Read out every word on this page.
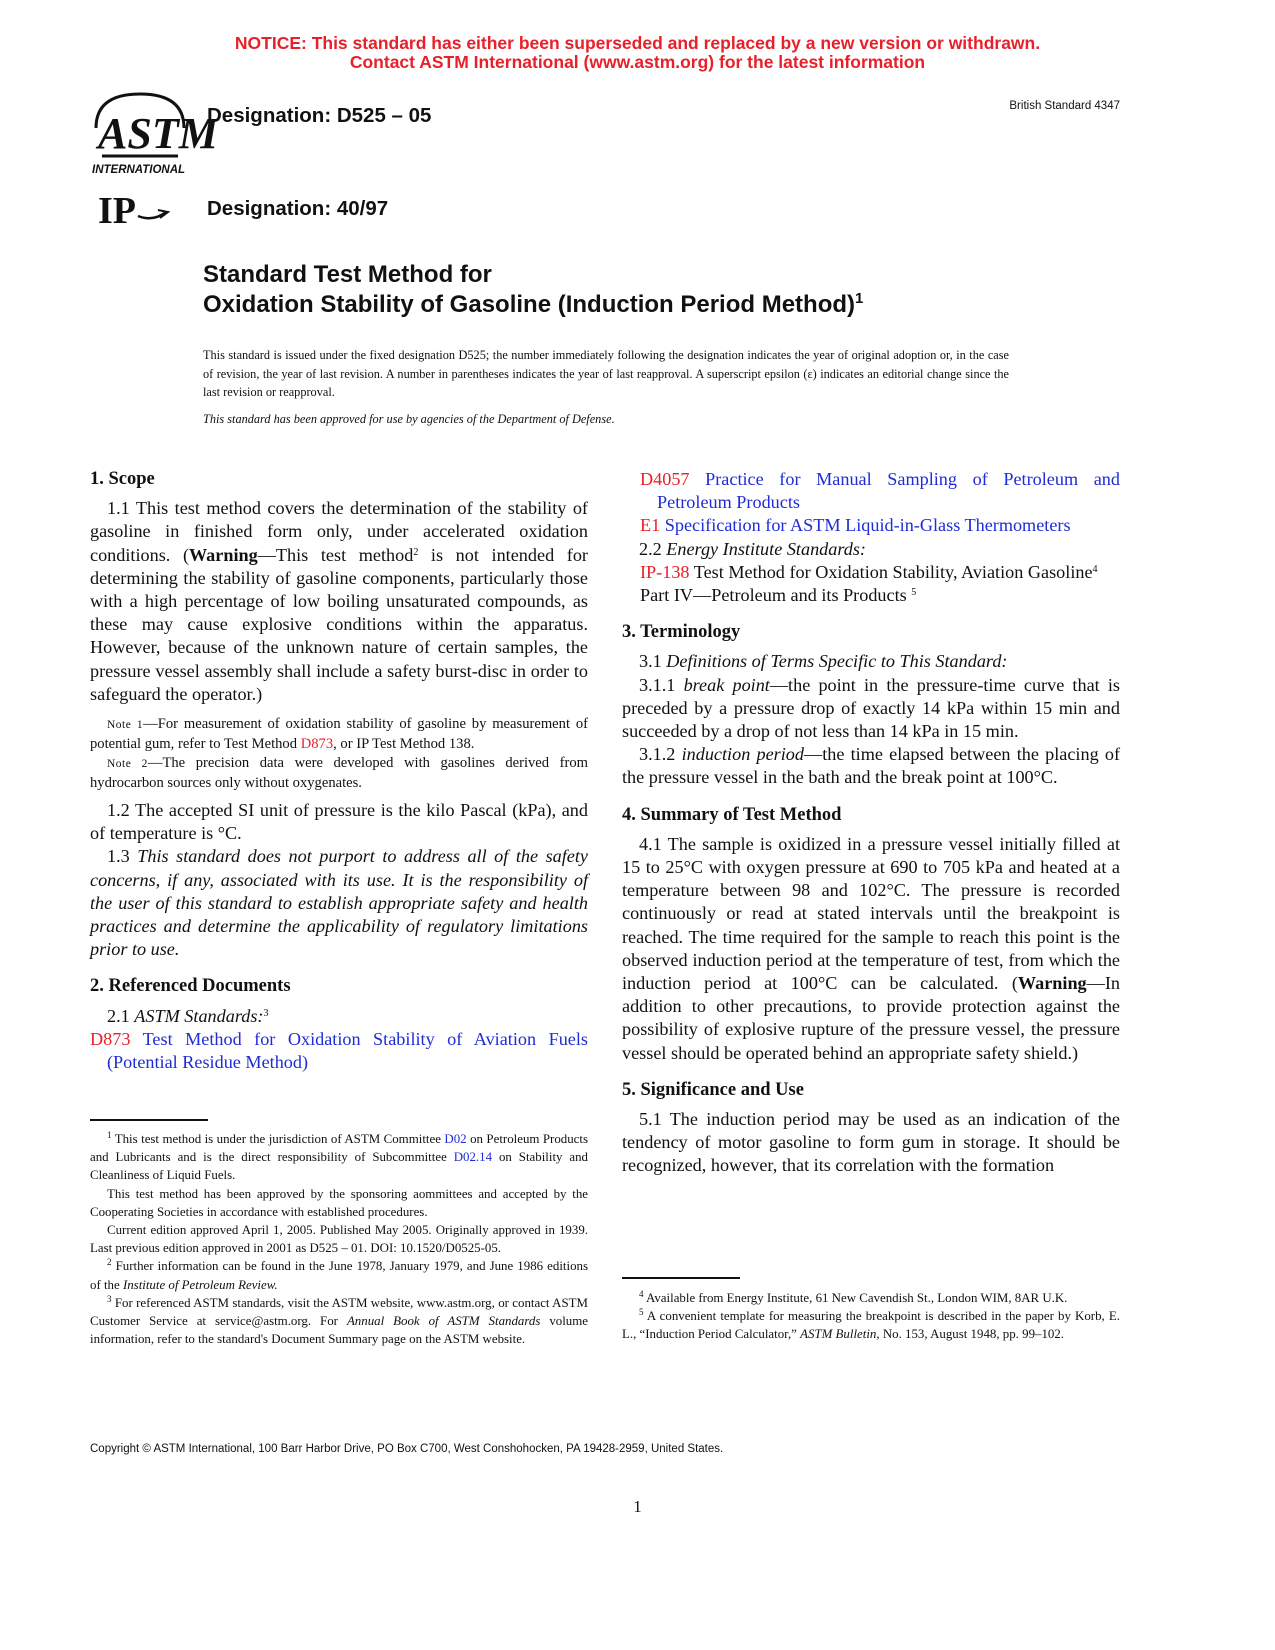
NOTICE: This standard has either been superseded and replaced by a new version or withdrawn.
Contact ASTM International (www.astm.org) for the latest information
ASTM
INTERNATIONAL
IP
Designation: D525 – 05
Designation: 40/97
British Standard 4347
Standard Test Method for
Oxidation Stability of Gasoline (Induction Period Method)$^1$
This standard is issued under the fixed designation D525; the number immediately following the designation indicates the year of original adoption or, in the case of revision, the year of last revision. A number in parentheses indicates the year of last reapproval. A superscript epsilon (ε) indicates an editorial change since the last revision or reapproval.
This standard has been approved for use by agencies of the Department of Defense.
1. Scope

1.1 This test method covers the determination of the stability of gasoline in finished form only, under accelerated oxidation conditions. (Warning—This test method$^2$ is not intended for determining the stability of gasoline components, particularly those with a high percentage of low boiling unsaturated compounds, as these may cause explosive conditions within the apparatus. However, because of the unknown nature of certain samples, the pressure vessel assembly shall include a safety burst-disc in order to safeguard the operator.)

Note 1—For measurement of oxidation stability of gasoline by measurement of potential gum, refer to Test Method D873, or IP Test Method 138.

Note 2—The precision data were developed with gasolines derived from hydrocarbon sources only without oxygenates.

1.2 The accepted SI unit of pressure is the kilo Pascal (kPa), and of temperature is °C.

1.3 This standard does not purport to address all of the safety concerns, if any, associated with its use. It is the responsibility of the user of this standard to establish appropriate safety and health practices and determine the applicability of regulatory limitations prior to use.

2. Referenced Documents

2.1 ASTM Standards:$^3$

D873 Test Method for Oxidation Stability of Aviation Fuels (Potential Residue Method)

D4057 Practice for Manual Sampling of Petroleum and Petroleum Products

E1 Specification for ASTM Liquid-in-Glass Thermometers

2.2 Energy Institute Standards:

IP-138 Test Method for Oxidation Stability, Aviation Gasoline$^4$

Part IV—Petroleum and its Products $^5$

3. Terminology

3.1 Definitions of Terms Specific to This Standard:

3.1.1 break point—the point in the pressure-time curve that is preceded by a pressure drop of exactly 14 kPa within 15 min and succeeded by a drop of not less than 14 kPa in 15 min.

3.1.2 induction period—the time elapsed between the placing of the pressure vessel in the bath and the break point at 100°C.

4. Summary of Test Method

4.1 The sample is oxidized in a pressure vessel initially filled at 15 to 25°C with oxygen pressure at 690 to 705 kPa and heated at a temperature between 98 and 102°C. The pressure is recorded continuously or read at stated intervals until the breakpoint is reached. The time required for the sample to reach this point is the observed induction period at the temperature of test, from which the induction period at 100°C can be calculated. (Warning—In addition to other precautions, to provide protection against the possibility of explosive rupture of the pressure vessel, the pressure vessel should be operated behind an appropriate safety shield.)

5. Significance and Use

5.1 The induction period may be used as an indication of the tendency of motor gasoline to form gum in storage. It should be recognized, however, that its correlation with the formation

$^1$ This test method is under the jurisdiction of ASTM Committee D02 on Petroleum Products and Lubricants and is the direct responsibility of Subcommittee D02.14 on Stability and Cleanliness of Liquid Fuels.

This test method has been approved by the sponsoring aommittees and accepted by the Cooperating Societies in accordance with established procedures.

Current edition approved April 1, 2005. Published May 2005. Originally approved in 1939. Last previous edition approved in 2001 as D525 – 01. DOI: 10.1520/D0525-05.

$^2$ Further information can be found in the June 1978, January 1979, and June 1986 editions of the Institute of Petroleum Review.

$^3$ For referenced ASTM standards, visit the ASTM website, www.astm.org, or contact ASTM Customer Service at service@astm.org. For Annual Book of ASTM Standards volume information, refer to the standard's Document Summary page on the ASTM website.

$^4$ Available from Energy Institute, 61 New Cavendish St., London WIM, 8AR U.K.

$^5$ A convenient template for measuring the breakpoint is described in the paper by Korb, E. L., “Induction Period Calculator,” ASTM Bulletin, No. 153, August 1948, pp. 99–102.

Copyright © ASTM International, 100 Barr Harbor Drive, PO Box C700, West Conshohocken, PA 19428-2959, United States.
1
